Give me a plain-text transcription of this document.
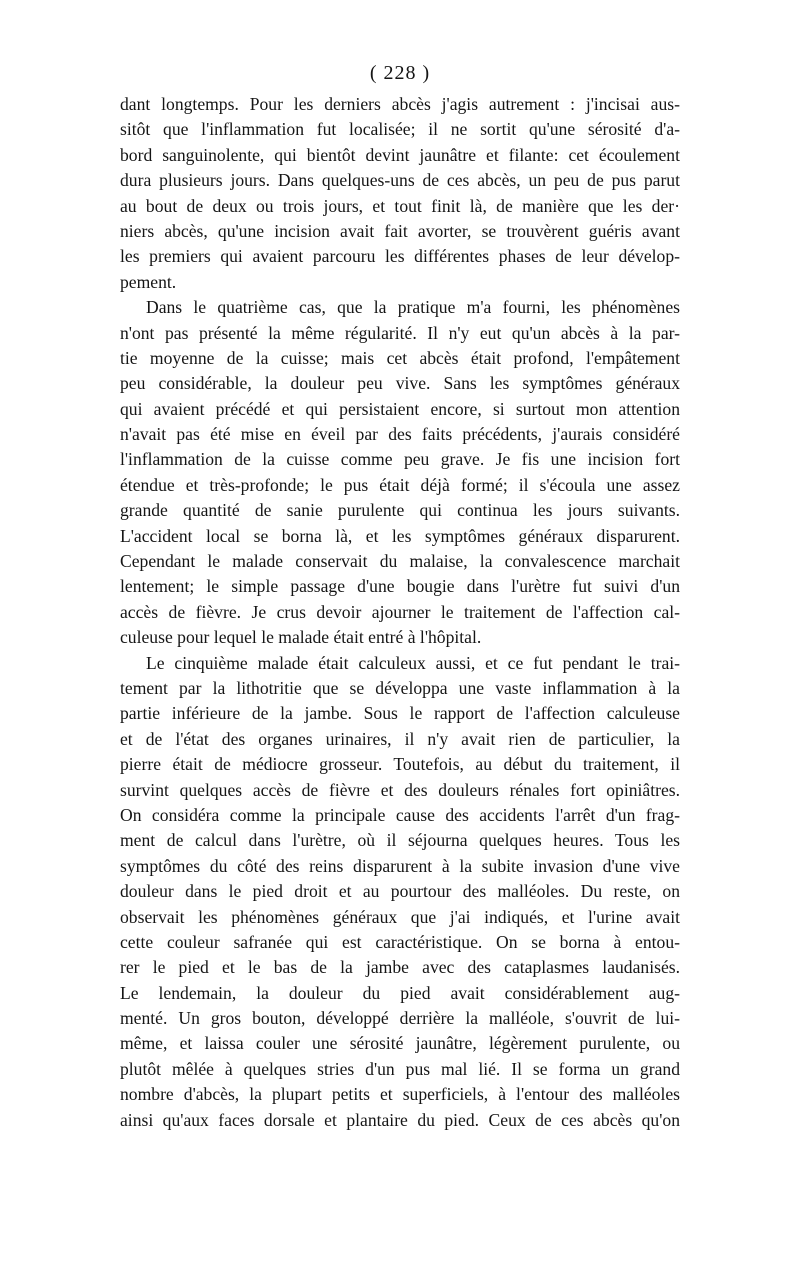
( 228 )
dant longtemps. Pour les derniers abcès j'agis autrement : j'incisai aus-
sitôt que l'inflammation fut localisée; il ne sortit qu'une sérosité d'a-
bord sanguinolente, qui bientôt devint jaunâtre et filante: cet écoulement
dura plusieurs jours. Dans quelques-uns de ces abcès, un peu de pus parut
au bout de deux ou trois jours, et tout finit là, de manière que les der·
niers abcès, qu'une incision avait fait avorter, se trouvèrent guéris avant
les premiers qui avaient parcouru les différentes phases de leur dévelop-
pement.
Dans le quatrième cas, que la pratique m'a fourni, les phénomènes
n'ont pas présenté la même régularité. Il n'y eut qu'un abcès à la par-
tie moyenne de la cuisse; mais cet abcès était profond, l'empâtement
peu considérable, la douleur peu vive. Sans les symptômes généraux
qui avaient précédé et qui persistaient encore, si surtout mon attention
n'avait pas été mise en éveil par des faits précédents, j'aurais considéré
l'inflammation de la cuisse comme peu grave. Je fis une incision fort
étendue et très-profonde; le pus était déjà formé; il s'écoula une assez
grande quantité de sanie purulente qui continua les jours suivants.
L'accident local se borna là, et les symptômes généraux disparurent.
Cependant le malade conservait du malaise, la convalescence marchait
lentement; le simple passage d'une bougie dans l'urètre fut suivi d'un
accès de fièvre. Je crus devoir ajourner le traitement de l'affection cal-
culeuse pour lequel le malade était entré à l'hôpital.
Le cinquième malade était calculeux aussi, et ce fut pendant le trai-
tement par la lithotritie que se développa une vaste inflammation à la
partie inférieure de la jambe. Sous le rapport de l'affection calculeuse
et de l'état des organes urinaires, il n'y avait rien de particulier, la
pierre était de médiocre grosseur. Toutefois, au début du traitement, il
survint quelques accès de fièvre et des douleurs rénales fort opiniâtres.
On considéra comme la principale cause des accidents l'arrêt d'un frag-
ment de calcul dans l'urètre, où il séjourna quelques heures. Tous les
symptômes du côté des reins disparurent à la subite invasion d'une vive
douleur dans le pied droit et au pourtour des malléoles. Du reste, on
observait les phénomènes généraux que j'ai indiqués, et l'urine avait
cette couleur safranée qui est caractéristique. On se borna à entou-
rer le pied et le bas de la jambe avec des cataplasmes laudanisés.
Le lendemain, la douleur du pied avait considérablement aug-
menté. Un gros bouton, développé derrière la malléole, s'ouvrit de lui-
même, et laissa couler une sérosité jaunâtre, légèrement purulente, ou
plutôt mêlée à quelques stries d'un pus mal lié. Il se forma un grand
nombre d'abcès, la plupart petits et superficiels, à l'entour des malléoles
ainsi qu'aux faces dorsale et plantaire du pied. Ceux de ces abcès qu'on
